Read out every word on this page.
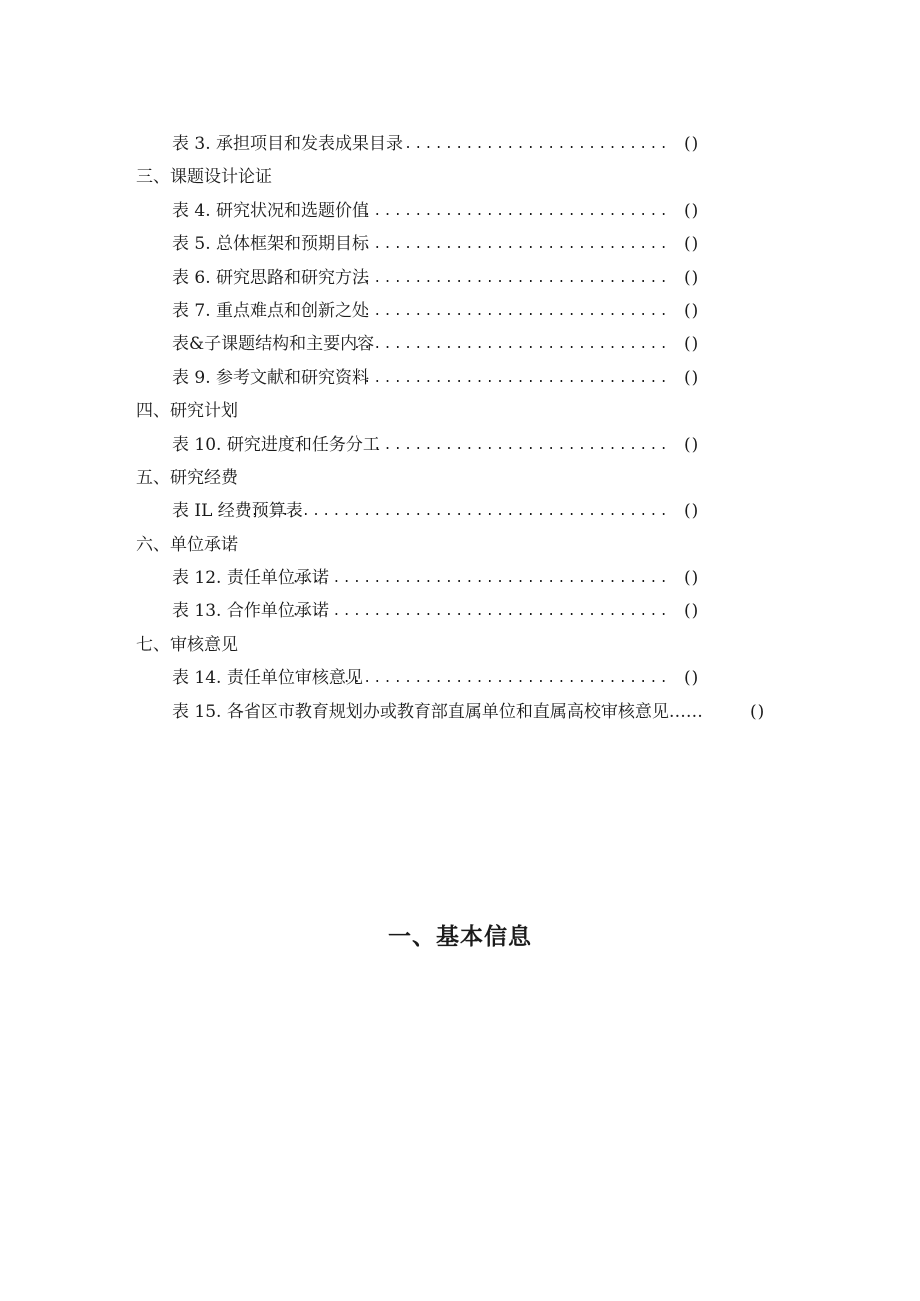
表 3. 承担项目和发表成果目录 .......................... ()
三、课题设计论证
表 4. 研究状况和选题价值
.............................. ()
表 5. 总体框架和预期目标
.............................. ()
表 6. 研究思路和研究方法
.............................. ()
表 7. 重点难点和创新之处
.............................. ()
表&子课题结构和主要内容
............................... ()
表 9. 参考文献和研究资料
.............................. ()
四、研究计划
表 10. 研究进度和任务分工
............................. ()
五、研究经费
表 IL 经费预算表
......................................... ()
六、单位承诺
表 12. 责任单位承诺
..................................... ()
表 13. 合作单位承诺
..................................... ()
七、审核意见
表 14. 责任单位审核意见
................................ ()
表 15. 各省区市教育规划办或教育部直属单位和直属高校审核意见……	()
一、基本信息
